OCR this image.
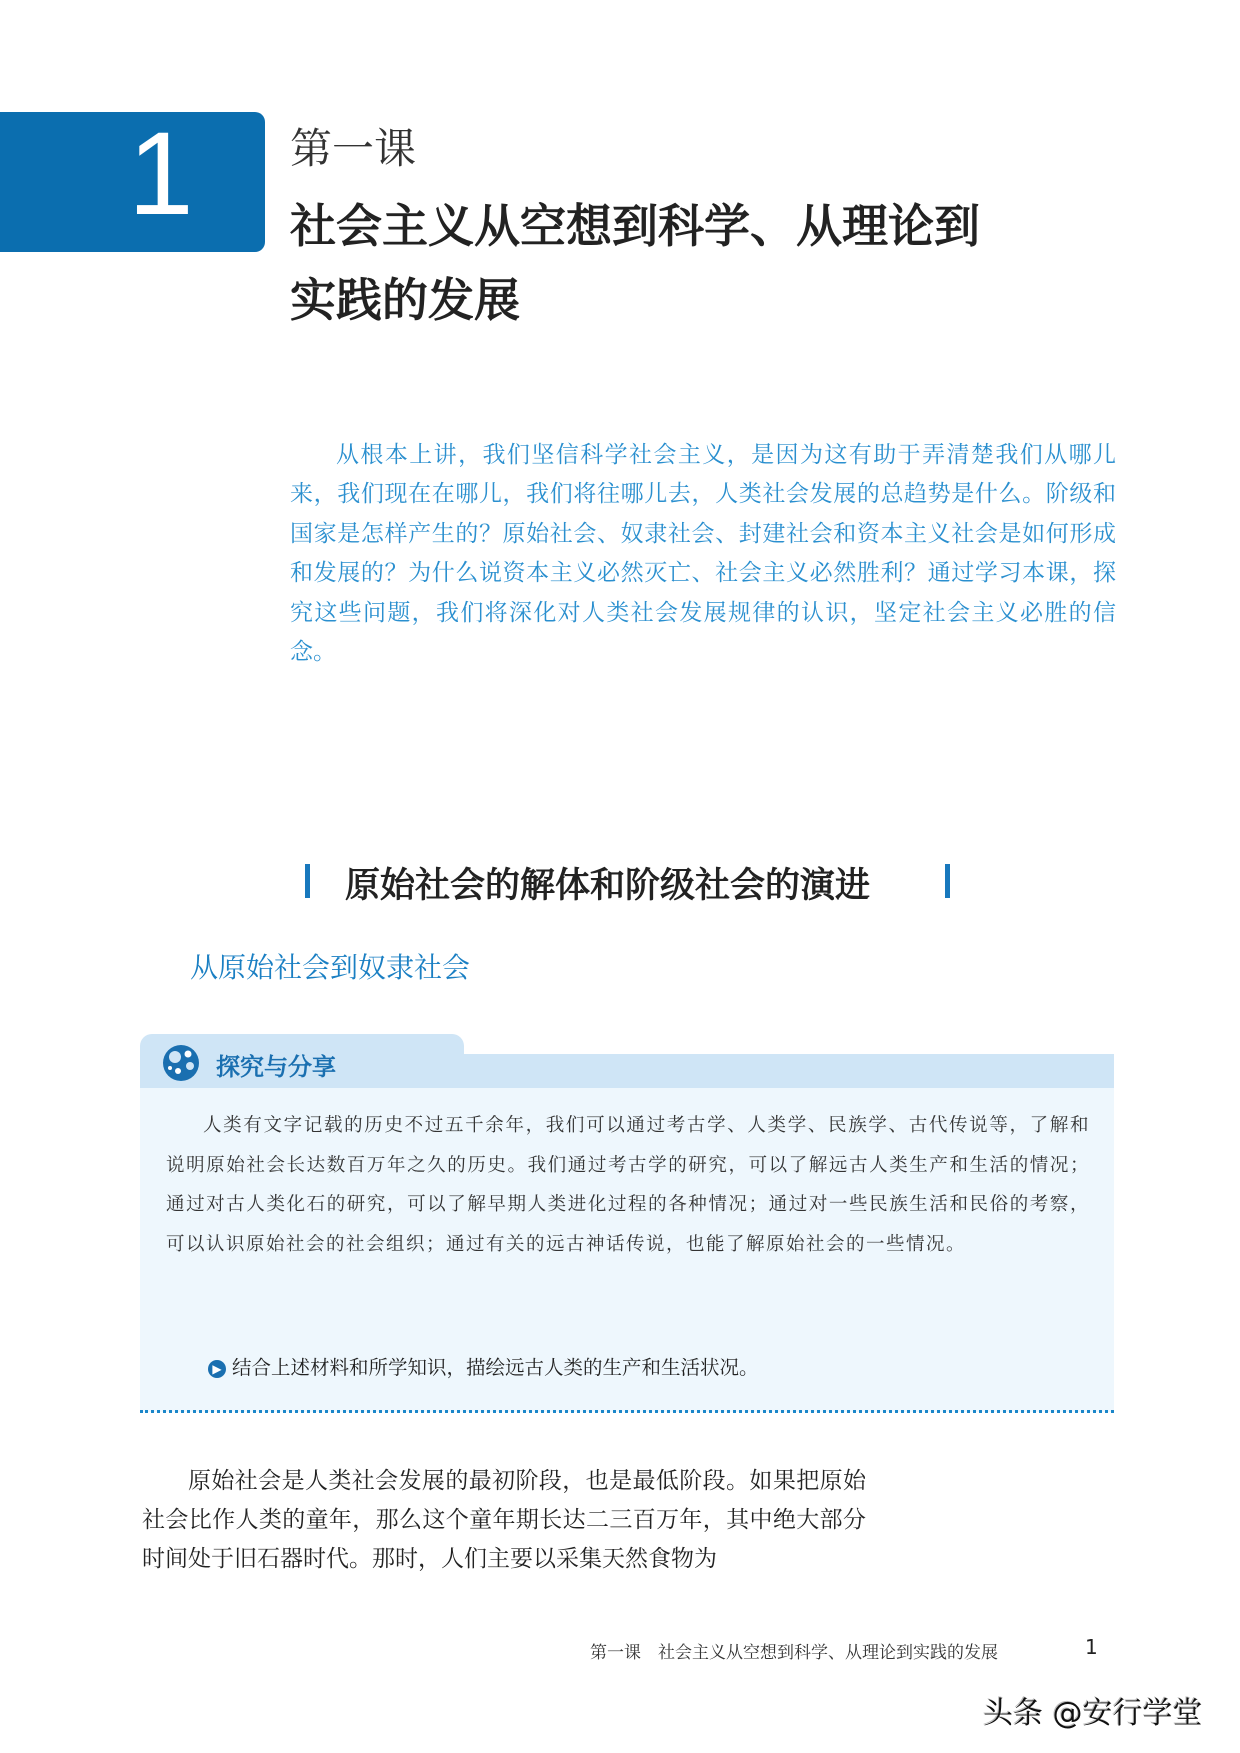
1 第一课
社会主义从空想到科学、从理论到
实践的发展
从根本上讲，我们坚信科学社会主义，是因为这有助于弄清楚我们从哪儿来，我们现在在哪儿，我们将往哪儿去，人类社会发展的总趋势是什么。阶级和国家是怎样产生的？原始社会、奴隶社会、封建社会和资本主义社会是如何形成和发展的？为什么说资本主义必然灭亡、社会主义必然胜利？通过学习本课，探究这些问题，我们将深化对人类社会发展规律的认识，坚定社会主义必胜的信念。
原始社会的解体和阶级社会的演进
从原始社会到奴隶社会
探究与分享
人类有文字记载的历史不过五千余年，我们可以通过考古学、人类学、民族学、古代传说等，了解和说明原始社会长达数百万年之久的历史。我们通过考古学的研究，可以了解远古人类生产和生活的情况；通过对古人类化石的研究，可以了解早期人类进化过程的各种情况；通过对一些民族生活和民俗的考察，可以认识原始社会的社会组织；通过有关的远古神话传说，也能了解原始社会的一些情况。
▶ 结合上述材料和所学知识，描绘远古人类的生产和生活状况。
原始社会是人类社会发展的最初阶段，也是最低阶段。如果把原始社会比作人类的童年，那么这个童年期长达二三百万年，其中绝大部分时间处于旧石器时代。那时，人们主要以采集天然食物为
第一课　社会主义从空想到科学、从理论到实践的发展	1
头条 @安行学堂
